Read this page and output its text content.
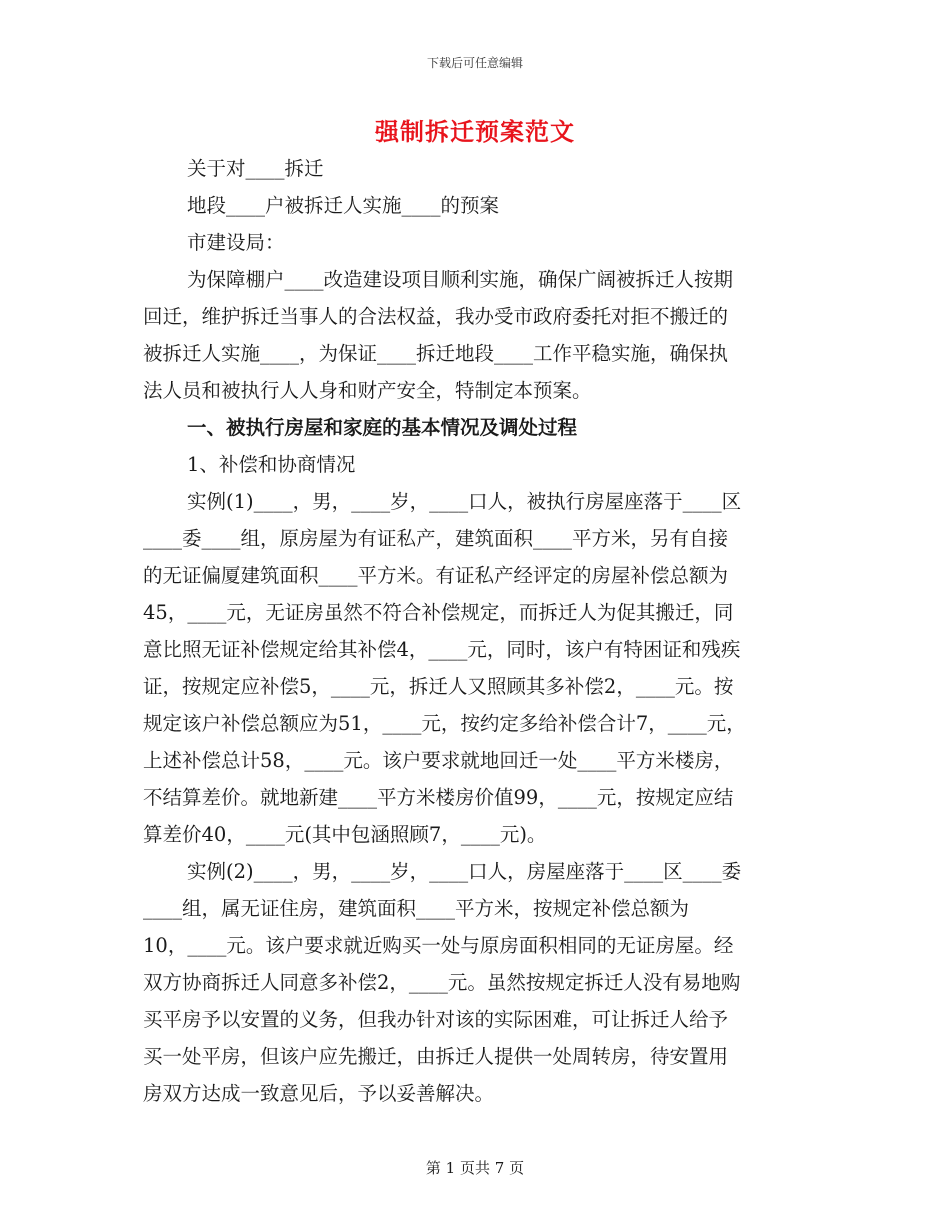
下载后可任意编辑
强制拆迁预案范文
关于对____拆迁
地段____户被拆迁人实施____的预案
市建设局：
为保障棚户____改造建设项目顺利实施，确保广阔被拆迁人按期
回迁，维护拆迁当事人的合法权益，我办受市政府委托对拒不搬迁的
被拆迁人实施____，为保证____拆迁地段____工作平稳实施，确保执
法人员和被执行人人身和财产安全，特制定本预案。
一、被执行房屋和家庭的基本情况及调处过程
1、补偿和协商情况
实例(1)____，男，____岁，____口人，被执行房屋座落于____区
____委____组，原房屋为有证私产，建筑面积____平方米，另有自接
的无证偏厦建筑面积____平方米。有证私产经评定的房屋补偿总额为
45，____元，无证房虽然不符合补偿规定，而拆迁人为促其搬迁，同
意比照无证补偿规定给其补偿4，____元，同时，该户有特困证和残疾
证，按规定应补偿5，____元，拆迁人又照顾其多补偿2，____元。按
规定该户补偿总额应为51，____元，按约定多给补偿合计7，____元，
上述补偿总计58，____元。该户要求就地回迁一处____平方米楼房，
不结算差价。就地新建____平方米楼房价值99，____元，按规定应结
算差价40，____元(其中包涵照顾7，____元)。
实例(2)____，男，____岁，____口人，房屋座落于____区____委
____组，属无证住房，建筑面积____平方米，按规定补偿总额为
10，____元。该户要求就近购买一处与原房面积相同的无证房屋。经
双方协商拆迁人同意多补偿2，____元。虽然按规定拆迁人没有易地购
买平房予以安置的义务，但我办针对该的实际困难，可让拆迁人给予
买一处平房，但该户应先搬迁，由拆迁人提供一处周转房，待安置用
房双方达成一致意见后，予以妥善解决。
第 1 页共 7 页
